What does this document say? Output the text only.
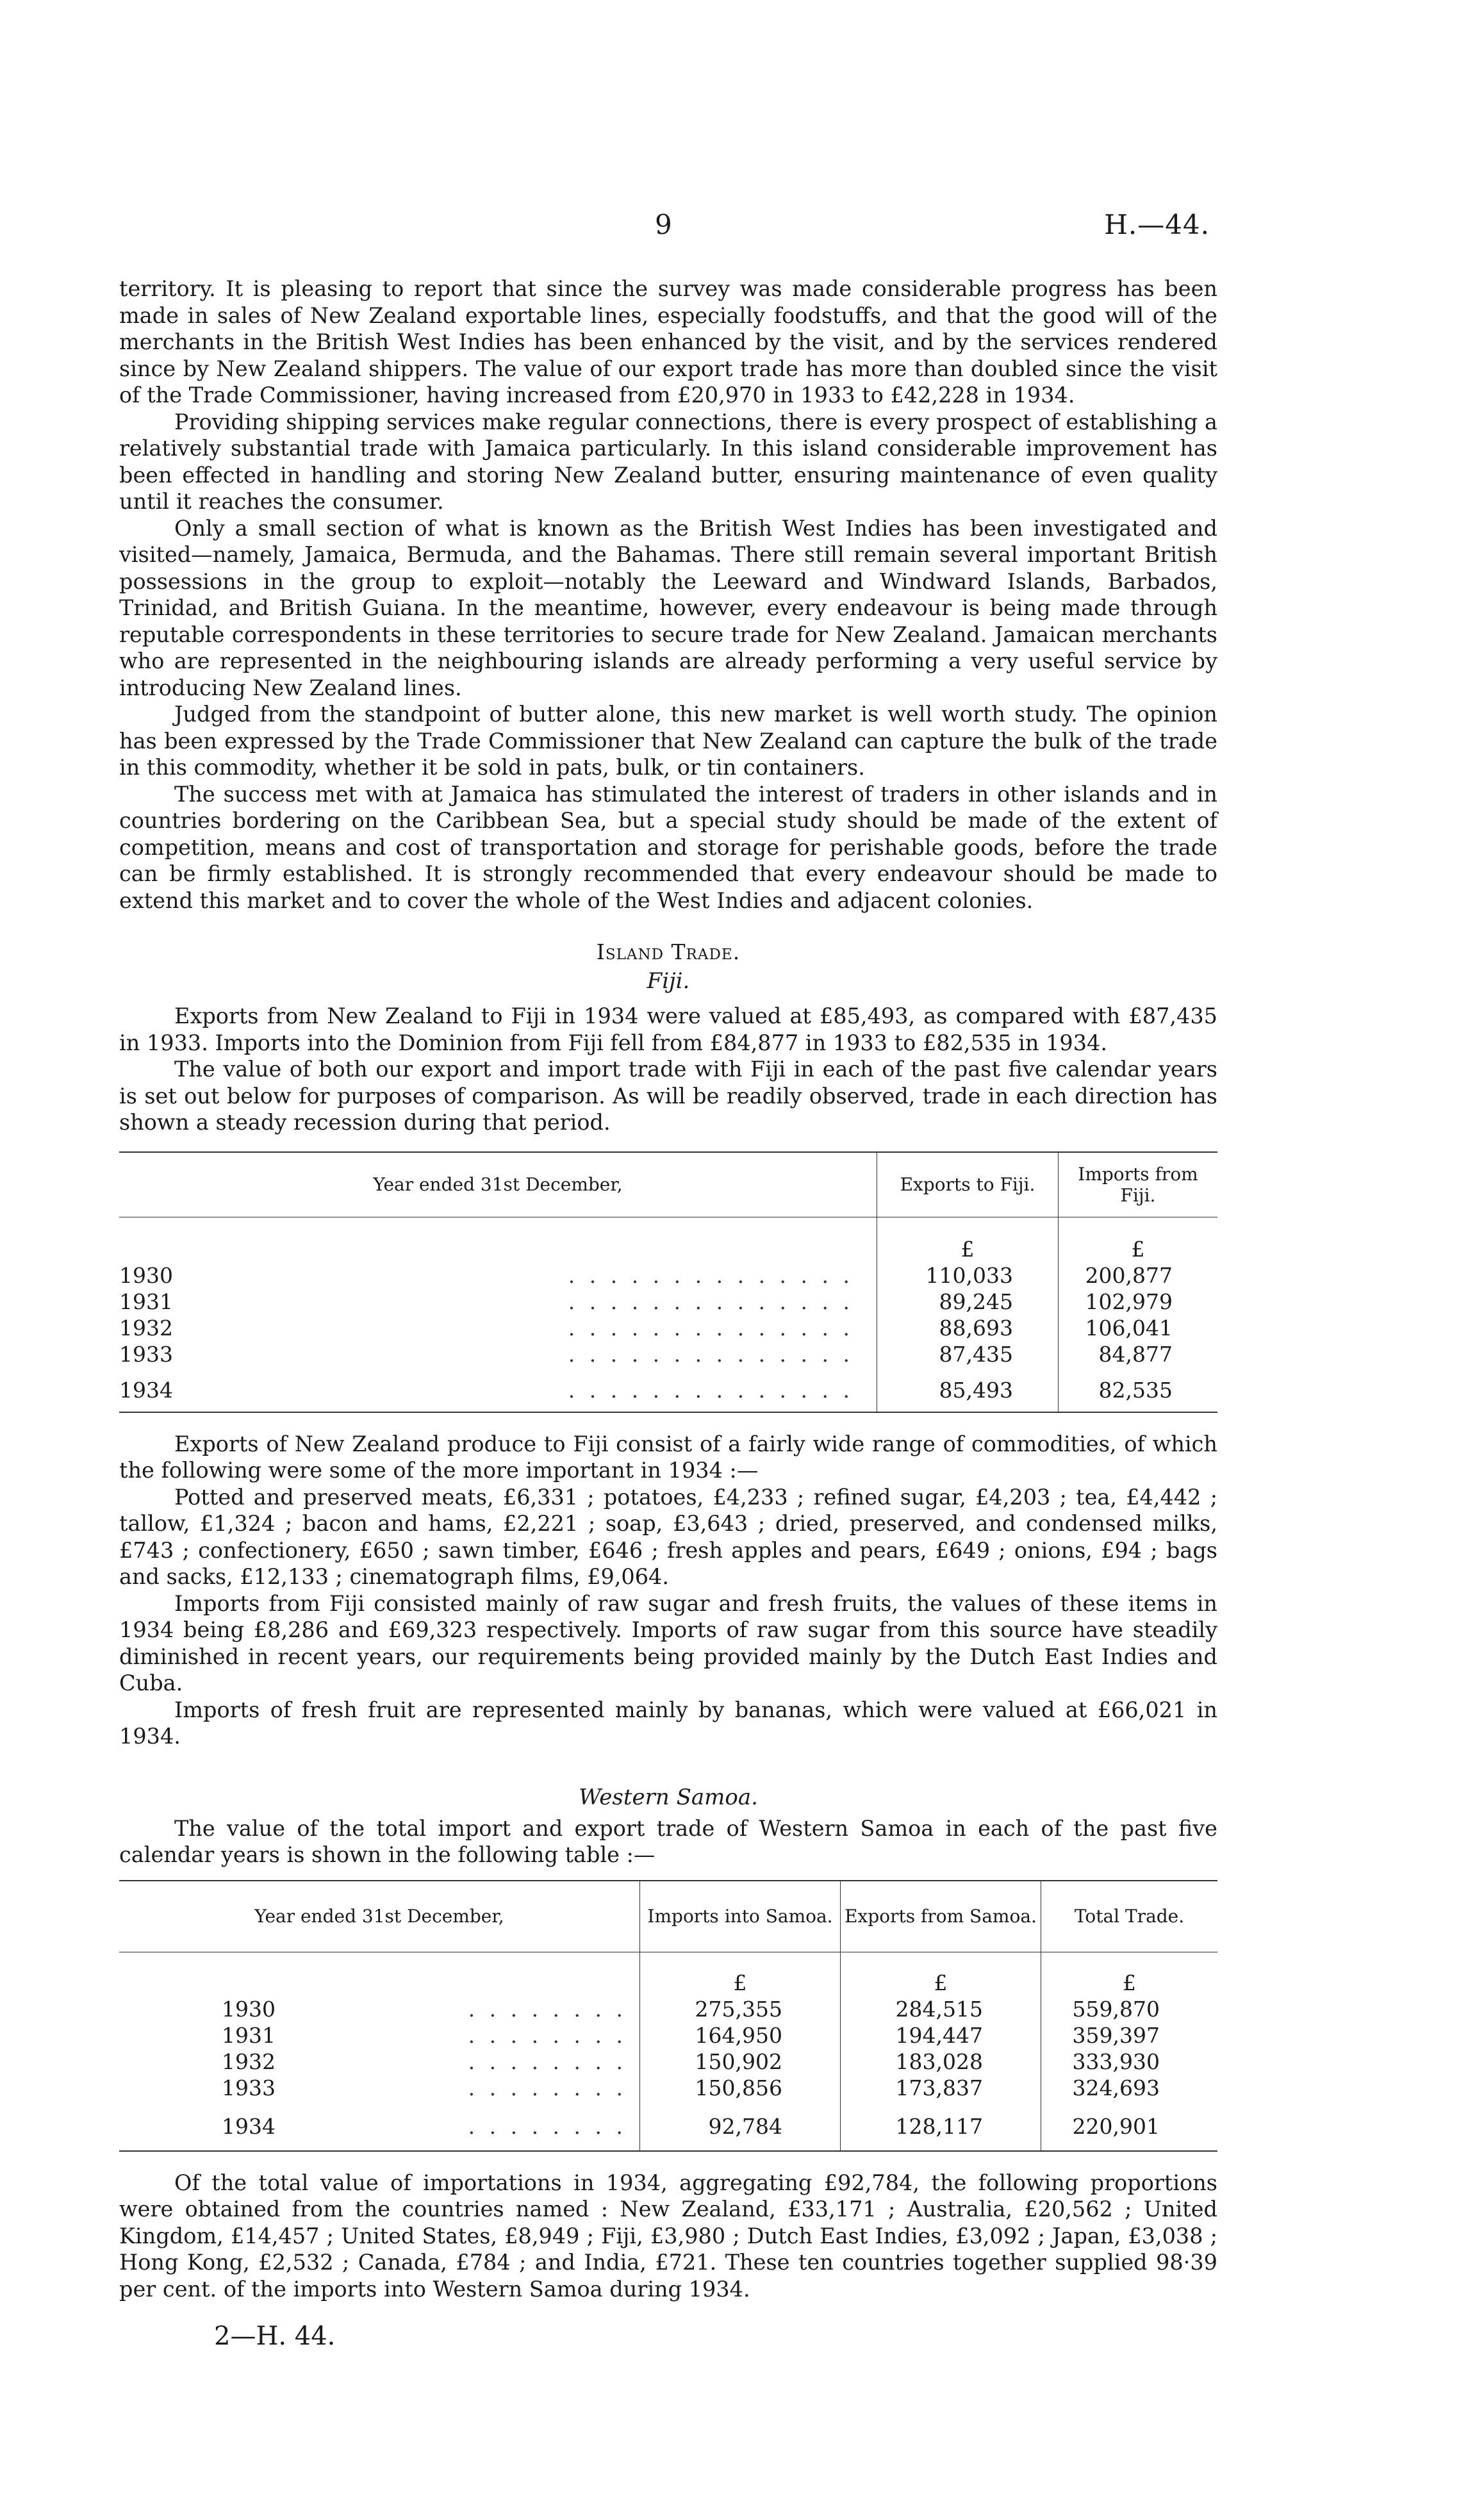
9	H.—44.

territory. It is pleasing to report that since the survey was made considerable progress has been made in sales of New Zealand exportable lines, especially foodstuffs, and that the good will of the merchants in the British West Indies has been enhanced by the visit, and by the services rendered since by New Zealand shippers. The value of our export trade has more than doubled since the visit of the Trade Commissioner, having increased from £20,970 in 1933 to £42,228 in 1934.

Providing shipping services make regular connections, there is every prospect of establishing a relatively substantial trade with Jamaica particularly. In this island considerable improvement has been effected in handling and storing New Zealand butter, ensuring maintenance of even quality until it reaches the consumer.

Only a small section of what is known as the British West Indies has been investigated and visited—namely, Jamaica, Bermuda, and the Bahamas. There still remain several important British possessions in the group to exploit—notably the Leeward and Windward Islands, Barbados, Trinidad, and British Guiana. In the meantime, however, every endeavour is being made through reputable correspondents in these territories to secure trade for New Zealand. Jamaican merchants who are represented in the neighbouring islands are already performing a very useful service by introducing New Zealand lines.

Judged from the standpoint of butter alone, this new market is well worth study. The opinion has been expressed by the Trade Commissioner that New Zealand can capture the bulk of the trade in this commodity, whether it be sold in pats, bulk, or tin containers.

The success met with at Jamaica has stimulated the interest of traders in other islands and in countries bordering on the Caribbean Sea, but a special study should be made of the extent of competition, means and cost of transportation and storage for perishable goods, before the trade can be firmly established. It is strongly recommended that every endeavour should be made to extend this market and to cover the whole of the West Indies and adjacent colonies.

Island Trade.
Fiji.

Exports from New Zealand to Fiji in 1934 were valued at £85,493, as compared with £87,435 in 1933. Imports into the Dominion from Fiji fell from £84,877 in 1933 to £82,535 in 1934.

The value of both our export and import trade with Fiji in each of the past five calendar years is set out below for purposes of comparison. As will be readily observed, trade in each direction has shown a steady recession during that period.

Year ended 31st December,	Exports to Fiji.	Imports from Fiji.

	£	£

1930 . . . . . . . . . . . . . .	110,033	200,877

1931 . . . . . . . . . . . . . .	89,245	102,979

1932 . . . . . . . . . . . . . .	88,693	106,041

1933 . . . . . . . . . . . . . .	87,435	84,877

1934 . . . . . . . . . . . . . .	85,493	82,535

Exports of New Zealand produce to Fiji consist of a fairly wide range of commodities, of which the following were some of the more important in 1934 :—

Potted and preserved meats, £6,331 ; potatoes, £4,233 ; refined sugar, £4,203 ; tea, £4,442 ; tallow, £1,324 ; bacon and hams, £2,221 ; soap, £3,643 ; dried, preserved, and condensed milks, £743 ; confectionery, £650 ; sawn timber, £646 ; fresh apples and pears, £649 ; onions, £94 ; bags and sacks, £12,133 ; cinematograph films, £9,064.

Imports from Fiji consisted mainly of raw sugar and fresh fruits, the values of these items in 1934 being £8,286 and £69,323 respectively. Imports of raw sugar from this source have steadily diminished in recent years, our requirements being provided mainly by the Dutch East Indies and Cuba.

Imports of fresh fruit are represented mainly by bananas, which were valued at £66,021 in 1934.

Western Samoa.

The value of the total import and export trade of Western Samoa in each of the past five calendar years is shown in the following table :—

Year ended 31st December,	Imports into Samoa.	Exports from Samoa.	Total Trade.

	£	£	£

1930 . . . . . . . .	275,355	284,515	559,870

1931 . . . . . . . .	164,950	194,447	359,397

1932 . . . . . . . .	150,902	183,028	333,930

1933 . . . . . . . .	150,856	173,837	324,693

1934 . . . . . . . .	92,784	128,117	220,901

Of the total value of importations in 1934, aggregating £92,784, the following proportions were obtained from the countries named : New Zealand, £33,171 ; Australia, £20,562 ; United Kingdom, £14,457 ; United States, £8,949 ; Fiji, £3,980 ; Dutch East Indies, £3,092 ; Japan, £3,038 ; Hong Kong, £2,532 ; Canada, £784 ; and India, £721. These ten countries together supplied 98·39 per cent. of the imports into Western Samoa during 1934.

2—H. 44.
